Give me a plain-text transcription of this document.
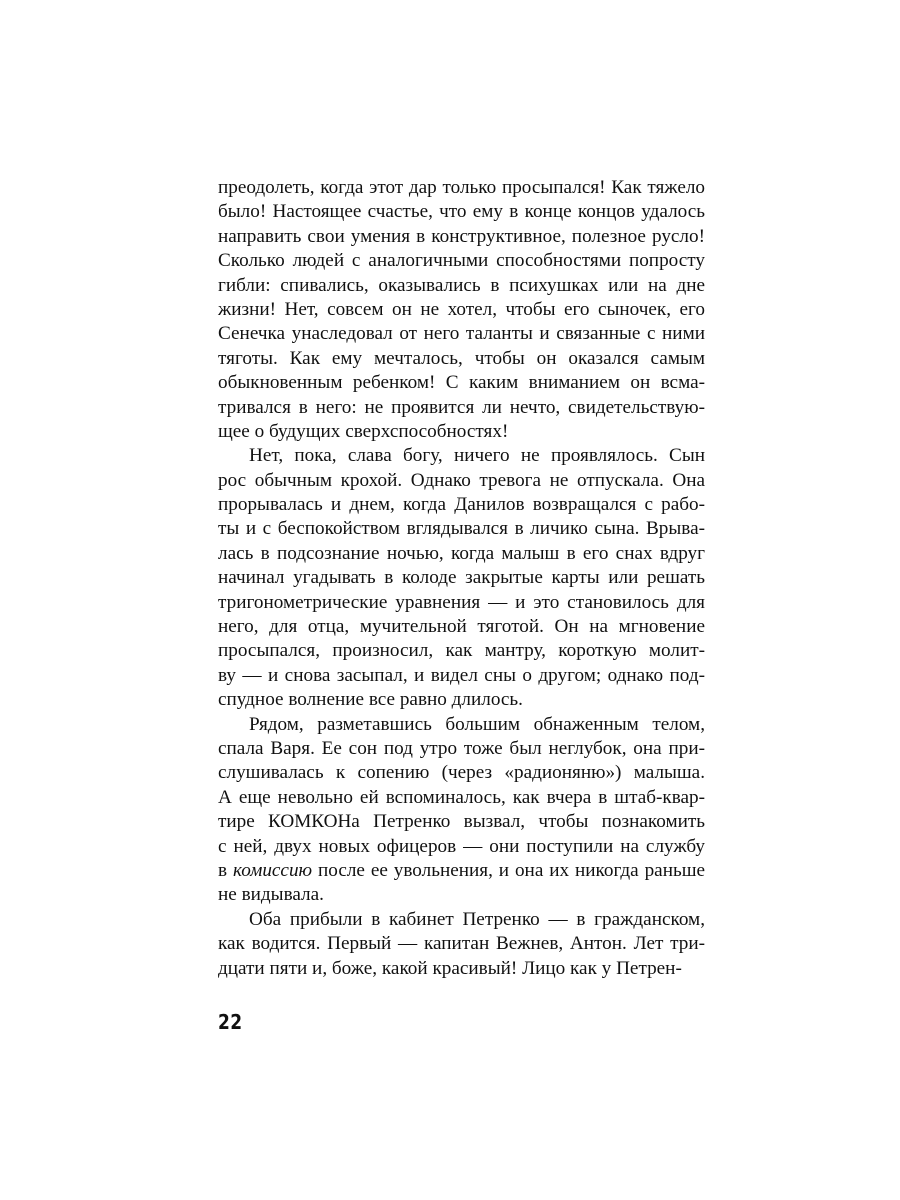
преодолеть, когда этот дар только просыпался! Как тяжело
было! Настоящее счастье, что ему в конце концов удалось
направить свои умения в конструктивное, полезное русло!
Сколько людей с аналогичными способностями попросту
гибли: спивались, оказывались в психушках или на дне
жизни! Нет, совсем он не хотел, чтобы его сыночек, его
Сенечка унаследовал от него таланты и связанные с ними
тяготы. Как ему мечталось, чтобы он оказался самым
обыкновенным ребенком! С каким вниманием он всма-
тривался в него: не проявится ли нечто, свидетельствую-
щее о будущих сверхспособностях!
Нет, пока, слава богу, ничего не проявлялось. Сын
рос обычным крохой. Однако тревога не отпускала. Она
прорывалась и днем, когда Данилов возвращался с рабо-
ты и с беспокойством вглядывался в личико сына. Врыва-
лась в подсознание ночью, когда малыш в его снах вдруг
начинал угадывать в колоде закрытые карты или решать
тригонометрические уравнения — и это становилось для
него, для отца, мучительной тяготой. Он на мгновение
просыпался, произносил, как мантру, короткую молит-
ву — и снова засыпал, и видел сны о другом; однако под-
спудное волнение все равно длилось.
Рядом, разметавшись большим обнаженным телом,
спала Варя. Ее сон под утро тоже был неглубок, она при-
слушивалась к сопению (через «радионяню») малыша.
А еще невольно ей вспоминалось, как вчера в штаб-квар-
тире КОМКОНа Петренко вызвал, чтобы познакомить
с ней, двух новых офицеров — они поступили на службу
в комиссию после ее увольнения, и она их никогда раньше
не видывала.
Оба прибыли в кабинет Петренко — в гражданском,
как водится. Первый — капитан Вежнев, Антон. Лет три-
дцати пяти и, боже, какой красивый! Лицо как у Петрен-
22
